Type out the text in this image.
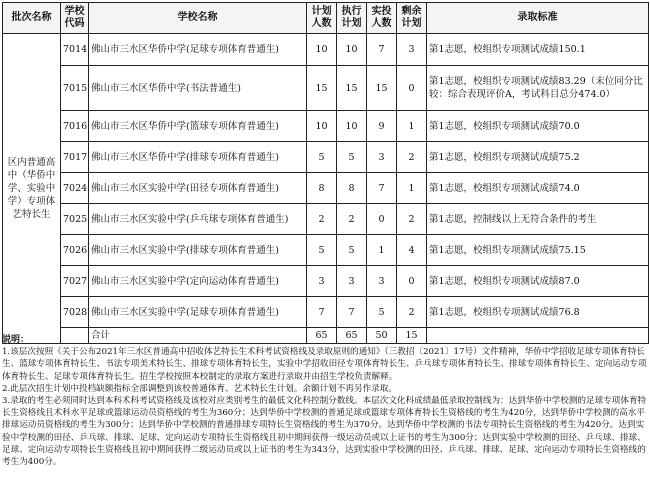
批次名称	学校代码	学校名称	计划人数	执行计划	实投人数	剩余计划	录取标准
区内普通高中（华侨中学、实验中学）专项体艺特长生	7014	佛山市三水区华侨中学(足球专项体育普通生)	10	10	7	3	第1志愿，校组织专项测试成绩150.1
	7015	佛山市三水区华侨中学(书法普通生)	15	15	15	0	第1志愿，校组织专项测试成绩83.29（末位同分比较：综合表现评价A，考试科目总分474.0）
	7016	佛山市三水区华侨中学(篮球专项体育普通生)	10	10	9	1	第1志愿，校组织专项测试成绩70.0
	7017	佛山市三水区华侨中学(排球专项体育普通生)	5	5	3	2	第1志愿，校组织专项测试成绩75.2
	7024	佛山市三水区实验中学(田径专项体育普通生)	8	8	7	1	第1志愿，校组织专项测试成绩74.0
	7025	佛山市三水区实验中学(乒乓球专项体育普通生)	2	2	0	2	第1志愿，控制线以上无符合条件的考生
	7026	佛山市三水区实验中学(排球专项体育普通生)	5	5	1	4	第1志愿，校组织专项测试成绩75.15
	7027	佛山市三水区实验中学(定向运动体育普通生)	3	3	3	0	第1志愿，校组织专项测试成绩87.0
	7028	佛山市三水区实验中学(足球专项体育普通生)	7	7	5	2	第1志愿，校组织专项测试成绩76.8
		合计	65	65	50	15	

说明：

1.该层次按照《关于公布2021年三水区普通高中招收体艺特长生术科考试资格线及录取原则的通知》（三教招〔2021〕17号）文件精神，华侨中学招收足球专项体育特长生、篮球专项体育特长生、书法专项美术特长生、排球专项体育特长生，实验中学招收田径专项体育特长生、乒乓球专项体育特长生、排球专项体育特长生、定向运动专项体育特长生、足球专项体育特长生。招生学校按照本校制定的录取方案进行录取并由招生学校负责解释。

2.此层次招生计划中投档缺额指标全部调整到该校普通体育、艺术特长生计划。余额计划不再另作录取。

3.录取的考生必须同时达到本科术科考试资格线及该校对应类别考生的最低文化科控制分数线。本层次文化科成绩最低录取控制线为：达到华侨中学校测的足球专项体育特长生资格线且术科水平足球或篮球运动员资格线的考生为360分；达到华侨中学校测的普通足球或篮球专项体育特长生资格线的考生为420分，达到华侨中学校测的高水平排球运动员资格线的考生为300分；达到华侨中学校测的普通排球专项特长生资格线的考生为370分。达到华侨中学校测的书法专项特长生资格线的考生为420分。达到实验中学校测的田径、乒乓球、排球、足球、定向运动专项特长生资格线且初中期间获得一级运动员或以上证书的考生为300分；达到实验中学校测的田径、乒乓球、排球、足球、定向运动专项特长生资格线且初中期间获得二级运动员或以上证书的考生为343分，达到实验中学校测的田径、乒乓球、排球、足球、定向运动专项特长生资格线的考生为400分。
